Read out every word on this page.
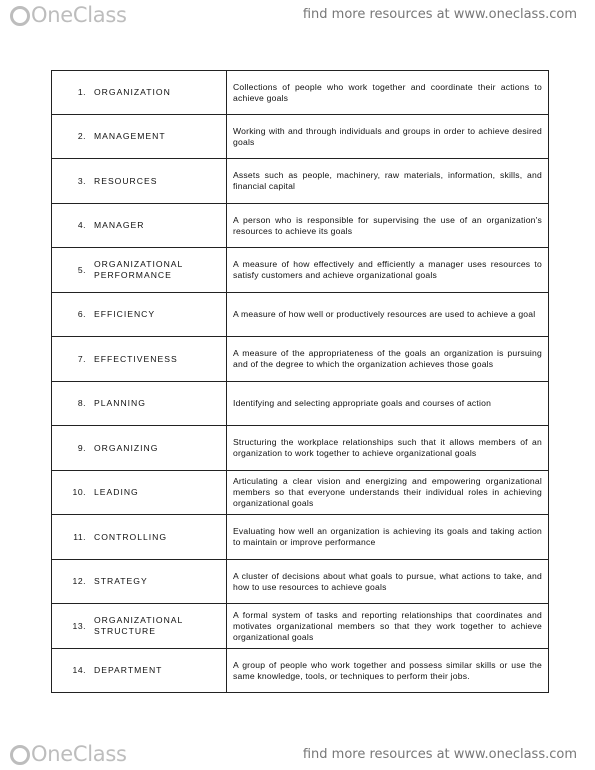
OneClass	find more resources at www.oneclass.com
1. ORGANIZATION	Collections of people who work together and coordinate their actions to achieve goals

2. MANAGEMENT	Working with and through individuals and groups in order to achieve desired goals

3. RESOURCES	Assets such as people, machinery, raw materials, information, skills, and financial capital

4. MANAGER	A person who is responsible for supervising the use of an organization's resources to achieve its goals

5.
ORGANIZATIONAL PERFORMANCE	A measure of how effectively and efficiently a manager uses resources to satisfy customers and achieve organizational goals

6. EFFICIENCY	A measure of how well or productively resources are used to achieve a goal

7. EFFECTIVENESS	A measure of the appropriateness of the goals an organization is pursuing and of the degree to which the organization achieves those goals

8. PLANNING	Identifying and selecting appropriate goals and courses of action

9. ORGANIZING	Structuring the workplace relationships such that it allows members of an organization to work together to achieve organizational goals

10. LEADING	Articulating a clear vision and energizing and empowering organizational members so that everyone understands their individual roles in achieving organizational goals

11. CONTROLLING	Evaluating how well an organization is achieving its goals and taking action to maintain or improve performance

12. STRATEGY	A cluster of decisions about what goals to pursue, what actions to take, and how to use resources to achieve goals

13.
ORGANIZATIONAL STRUCTURE	A formal system of tasks and reporting relationships that coordinates and motivates organizational members so that they work together to achieve organizational goals

14. DEPARTMENT	A group of people who work together and possess similar skills or use the same knowledge, tools, or techniques to perform their jobs.
OneClass	find more resources at www.oneclass.com
